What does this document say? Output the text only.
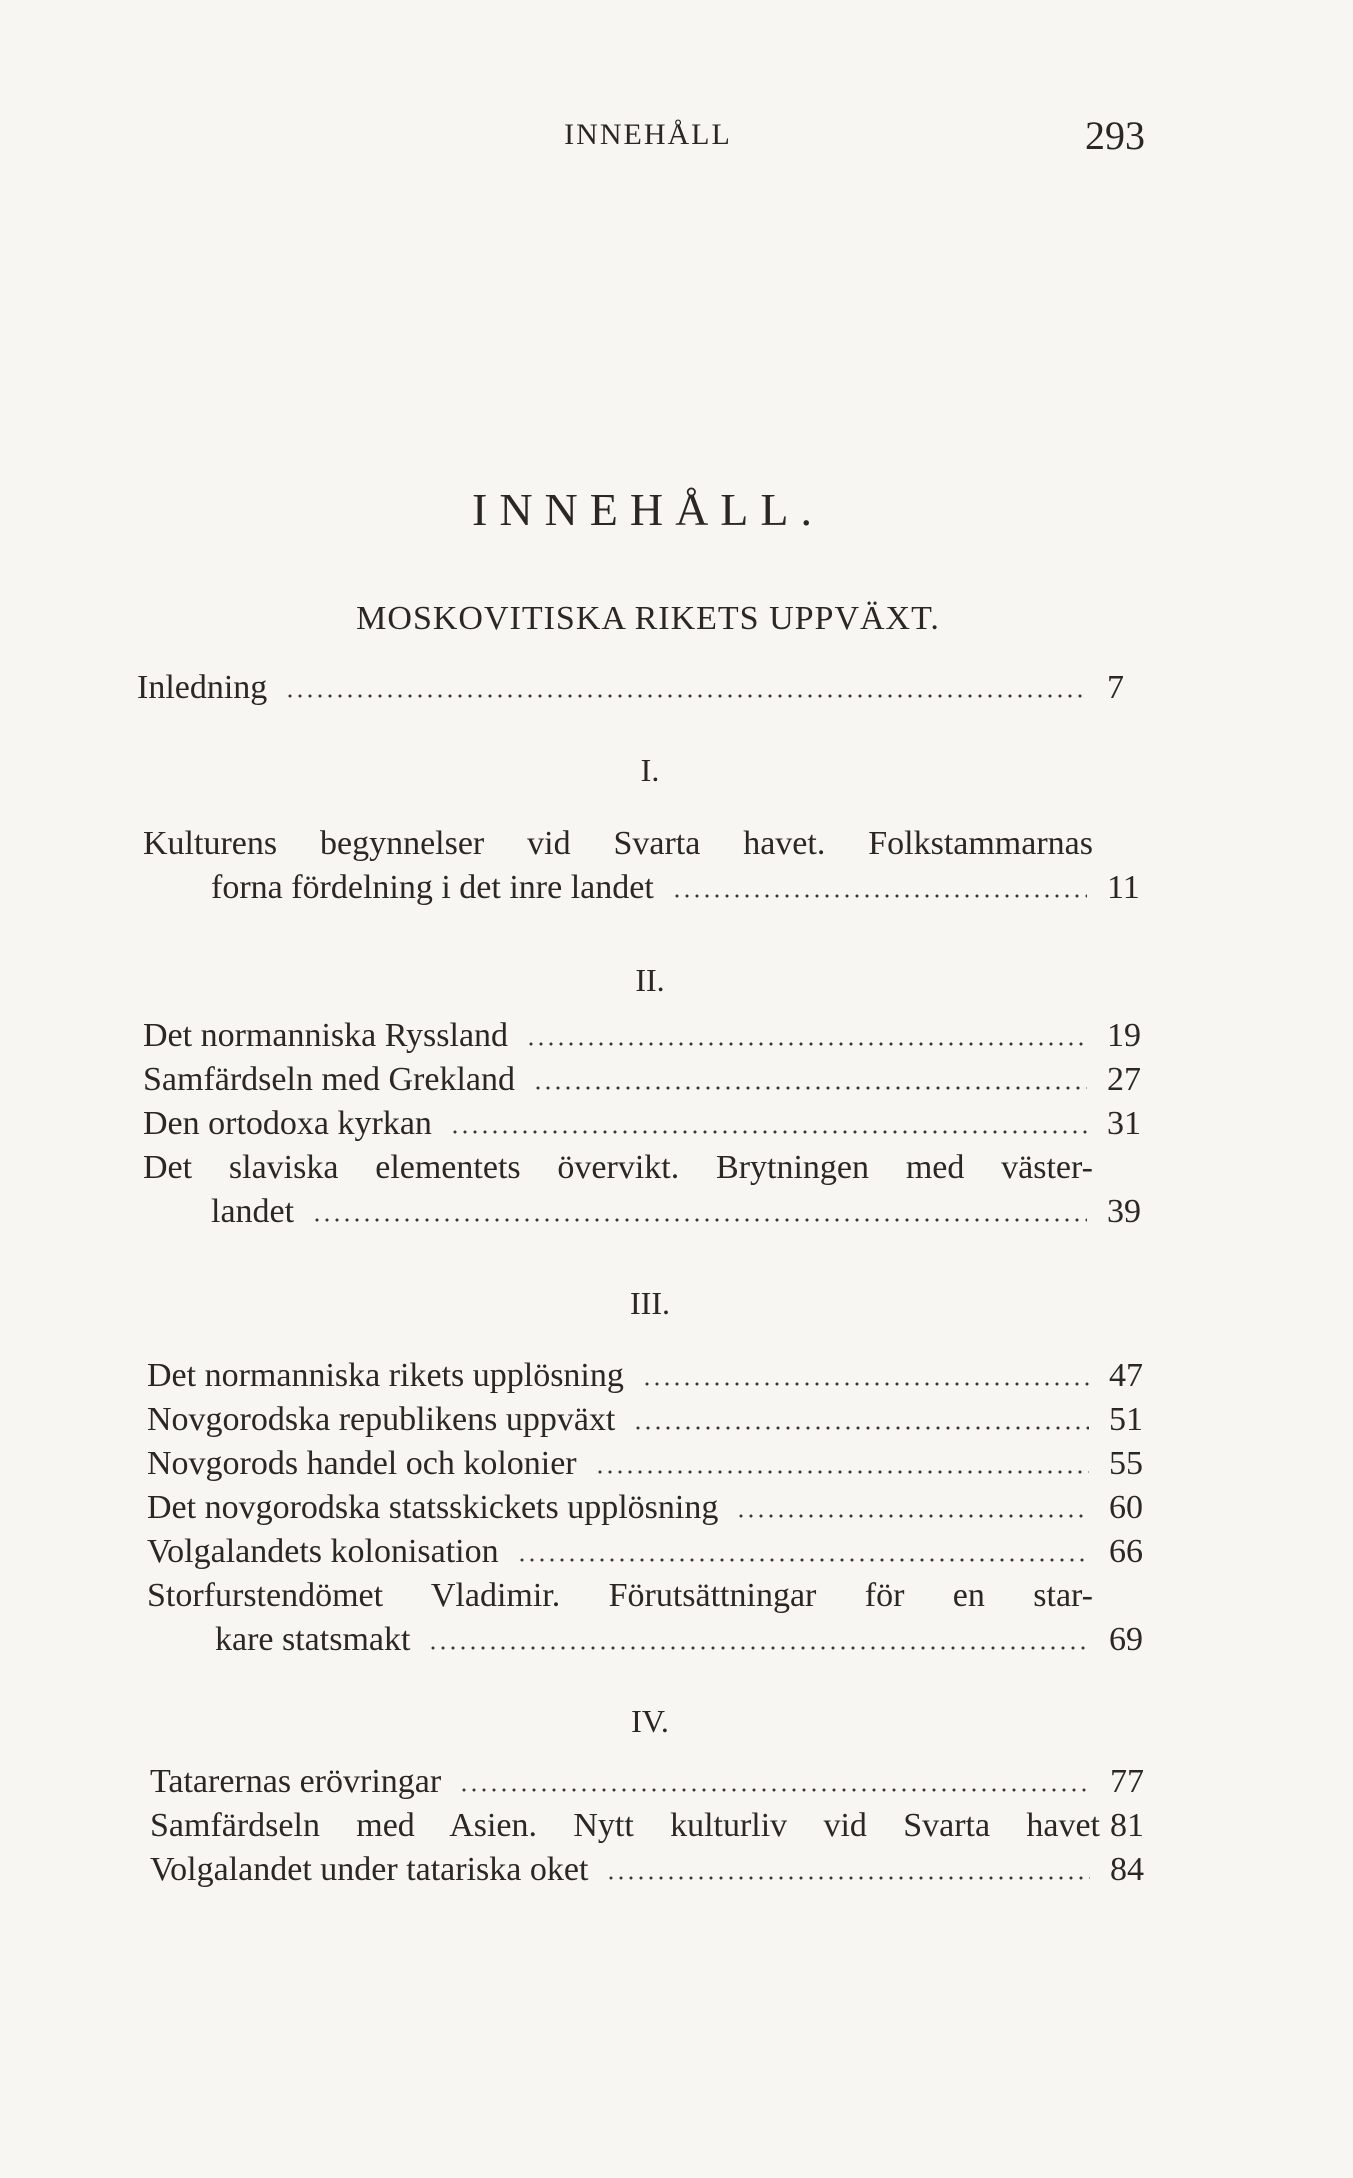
INNEHÅLL	293
INNEHÅLL.
MOSKOVITISKA RIKETS UPPVÄXT.
Inledning	7
I.
Kulturens begynnelser vid Svarta havet. Folkstammarnas
forna fördelning i det inre landet	11
II.
Det normanniska Ryssland	19
Samfärdseln med Grekland	27
Den ortodoxa kyrkan	31
Det slaviska elementets övervikt. Brytningen med väster-
landet	39
III.
Det normanniska rikets upplösning	47
Novgorodska republikens uppväxt	51
Novgorods handel och kolonier	55
Det novgorodska statsskickets upplösning	60
Volgalandets kolonisation	66
Storfurstendömet Vladimir. Förutsättningar för en star-
kare statsmakt	69
IV.
Tatarernas erövringar	77
Samfärdseln med Asien. Nytt kulturliv vid Svarta havet 81
Volgalandet under tatariska oket	84
